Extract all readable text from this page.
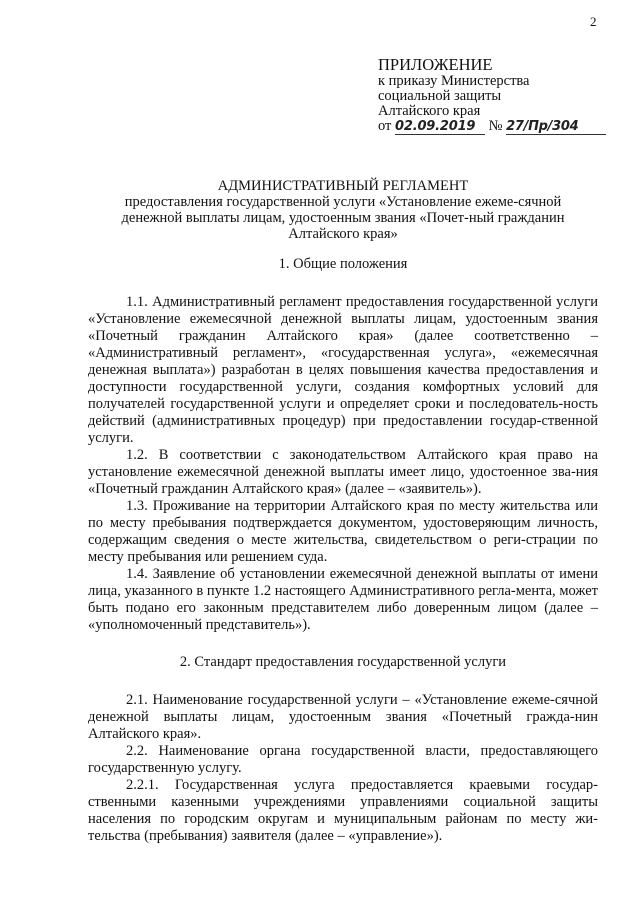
2
ПРИЛОЖЕНИЕ
к приказу Министерства
социальной защиты
Алтайского края
от 02.09.2019 № 27/Пр/304
АДМИНИСТРАТИВНЫЙ РЕГЛАМЕНТ
предоставления государственной услуги «Установление ежеме-сячной денежной выплаты лицам, удостоенным звания «Почет-ный гражданин Алтайского края»
1. Общие положения

1.1. Административный регламент предоставления государственной услуги «Установление ежемесячной денежной выплаты лицам, удостоенным звания «Почетный гражданин Алтайского края» (далее соответственно – «Административный регламент», «государственная услуга», «ежемесячная денежная выплата») разработан в целях повышения качества предоставления и доступности государственной услуги, создания комфортных условий для получателей государственной услуги и определяет сроки и последователь-ность действий (административных процедур) при предоставлении государ-ственной услуги.

1.2. В соответствии с законодательством Алтайского края право на установление ежемесячной денежной выплаты имеет лицо, удостоенное зва-ния «Почетный гражданин Алтайского края» (далее – «заявитель»).

1.3. Проживание на территории Алтайского края по месту жительства или по месту пребывания подтверждается документом, удостоверяющим личность, содержащим сведения о месте жительства, свидетельством о реги-страции по месту пребывания или решением суда.

1.4. Заявление об установлении ежемесячной денежной выплаты от имени лица, указанного в пункте 1.2 настоящего Административного регла-мента, может быть подано его законным представителем либо доверенным лицом (далее – «уполномоченный представитель»).

2. Стандарт предоставления государственной услуги

2.1. Наименование государственной услуги – «Установление ежеме-сячной денежной выплаты лицам, удостоенным звания «Почетный гражда-нин Алтайского края».

2.2. Наименование органа государственной власти, предоставляющего государственную услугу.

2.2.1. Государственная услуга предоставляется краевыми государ-ственными казенными учреждениями управлениями социальной защиты населения по городским округам и муниципальным районам по месту жи-тельства (пребывания) заявителя (далее – «управление»).
